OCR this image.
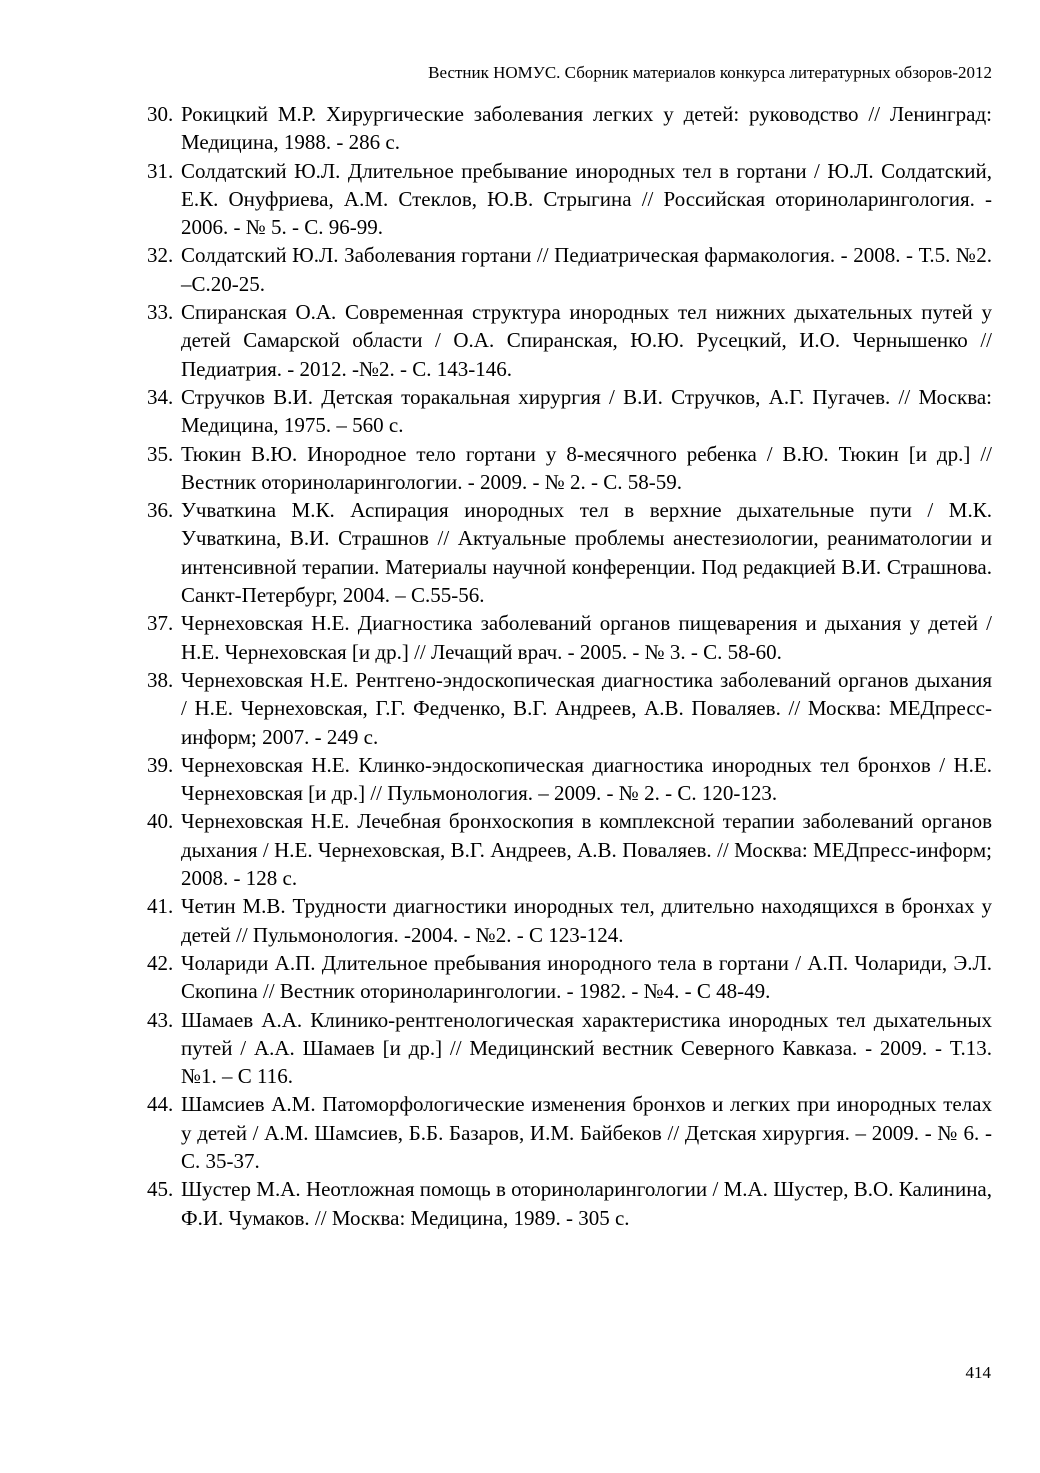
Вестник НОМУС. Сборник материалов конкурса литературных обзоров-2012
30. Рокицкий М.Р. Хирургические заболевания легких у детей: руководство // Ленинград: Медицина, 1988. - 286 с.
31. Солдатский Ю.Л. Длительное пребывание инородных тел в гортани / Ю.Л. Солдатский, Е.К. Онуфриева, А.М. Стеклов, Ю.В. Стрыгина // Российская оториноларингология. - 2006. - № 5. - С. 96-99.
32. Солдатский Ю.Л. Заболевания гортани // Педиатрическая фармакология. - 2008. - Т.5. №2. –С.20-25.
33. Спиранская О.А. Современная структура инородных тел нижних дыхательных путей у детей Самарской области / О.А. Спиранская, Ю.Ю. Русецкий, И.О. Чернышенко // Педиатрия. - 2012. -№2. - С. 143-146.
34. Стручков В.И. Детская торакальная хирургия / В.И. Стручков, А.Г. Пугачев. // Москва: Медицина, 1975. – 560 с.
35. Тюкин В.Ю. Инородное тело гортани у 8-месячного ребенка / В.Ю. Тюкин [и др.] // Вестник оториноларингологии. - 2009. - № 2. - С. 58-59.
36. Учваткина М.К. Аспирация инородных тел в верхние дыхательные пути / М.К. Учваткина, В.И. Страшнов // Актуальные проблемы анестезиологии, реаниматологии и интенсивной терапии. Материалы научной конференции. Под редакцией В.И. Страшнова. Санкт-Петербург, 2004. – С.55-56.
37. Чернеховская Н.Е. Диагностика заболеваний органов пищеварения и дыхания у детей / Н.Е. Чернеховская [и др.] // Лечащий врач. - 2005. - № 3. - С. 58-60.
38. Чернеховская Н.Е. Рентгено-эндоскопическая диагностика заболеваний органов дыхания / Н.Е. Чернеховская, Г.Г. Федченко, В.Г. Андреев, А.В. Поваляев. // Москва: МЕДпресс-информ; 2007. - 249 с.
39. Чернеховская Н.Е. Клинко-эндоскопическая диагностика инородных тел бронхов / Н.Е. Чернеховская [и др.] // Пульмонология. – 2009. - № 2. - С. 120-123.
40. Чернеховская Н.Е. Лечебная бронхоскопия в комплексной терапии заболеваний органов дыхания / Н.Е. Чернеховская, В.Г. Андреев, А.В. Поваляев. // Москва: МЕДпресс-информ; 2008. - 128 с.
41. Четин М.В. Трудности диагностики инородных тел, длительно находящихся в бронхах у детей // Пульмонология. -2004. - №2. - С 123-124.
42. Чолариди А.П. Длительное пребывания инородного тела в гортани / А.П. Чолариди, Э.Л. Скопина // Вестник оториноларингологии. - 1982. - №4. - С 48-49.
43. Шамаев А.А. Клинико-рентгенологическая характеристика инородных тел дыхательных путей / А.А. Шамаев [и др.] // Медицинский вестник Северного Кавказа. - 2009. - Т.13. №1. – С 116.
44. Шамсиев А.М. Патоморфологические изменения бронхов и легких при инородных телах у детей / А.М. Шамсиев, Б.Б. Базаров, И.М. Байбеков // Детская хирургия. – 2009. - № 6. - С. 35-37.
45. Шустер М.А. Неотложная помощь в оториноларингологии / М.А. Шустер, В.О. Калинина, Ф.И. Чумаков. // Москва: Медицина, 1989. - 305 с.
414
